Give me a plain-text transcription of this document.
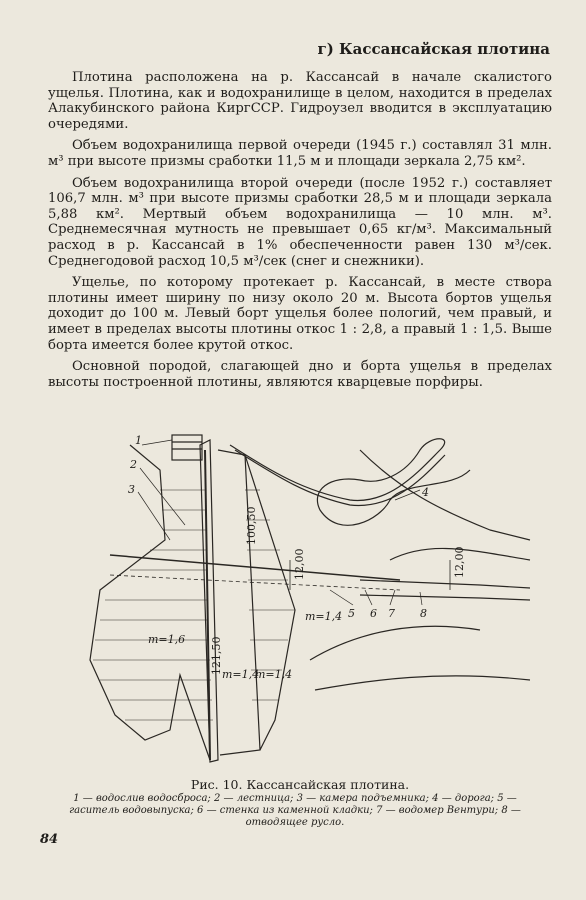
г) Кассансайская плотина

Плотина расположена на р. Кассансай в начале скалистого ущелья. Плотина, как и водохранилище в целом, находится в пределах Алакубинского района КиргССР. Гидроузел вводится в эксплуатацию очередями.

Объем водохранилища первой очереди (1945 г.) составлял 31 млн. м³ при высоте призмы сработки 11,5 м и площади зеркала 2,75 км².

Объем водохранилища второй очереди (после 1952 г.) составляет 106,7 млн. м³ при высоте призмы сработки 28,5 м и площади зеркала 5,88 км². Мертвый объем водохранилища — 10 млн. м³. Среднемесячная мутность не превышает 0,65 кг/м³. Максимальный расход в р. Кассансай в 1% обеспеченности равен 130 м³/сек. Среднегодовой расход 10,5 м³/сек (снег и снежники).

Ущелье, по которому протекает р. Кассансай, в месте створа плотины имеет ширину по низу около 20 м. Высота бортов ущелья доходит до 100 м. Левый борт ущелья более пологий, чем правый, и имеет в пределах высоты плотины откос 1 : 2,8, а правый 1 : 1,5. Выше борта имеется более крутой откос.

Основной породой, слагающей дно и борта ущелья в пределах высоты построенной плотины, являются кварцевые порфиры.

1
2
3	4
5 6 7 8
121,50
100,50
12,00	12,00
m=1,6
m=1,4
m=1,4
m=1,4
Рис. 10. Кассансайская плотина.
1 — водослив водосброса; 2 — лестница; 3 — камера подъемника; 4 — дорога; 5 — гаситель водовыпуска; 6 — стенка из каменной кладки; 7 — водомер Вентури; 8 — отводящее русло.
84
